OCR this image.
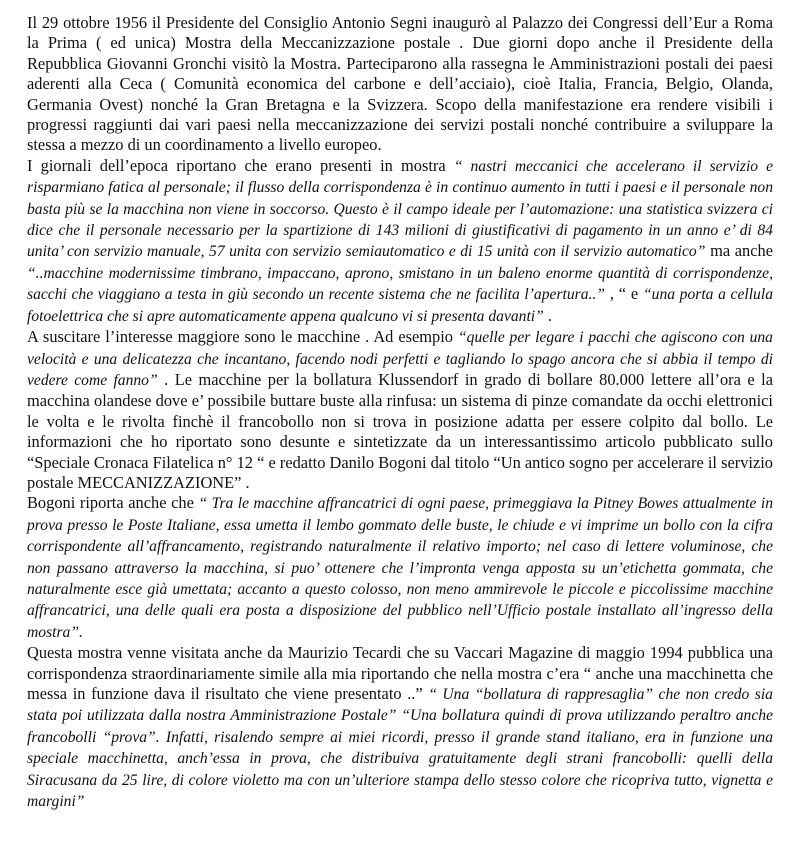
Il 29 ottobre 1956 il Presidente del Consiglio Antonio Segni inaugurò al Palazzo dei Congressi dell’Eur a Roma la Prima ( ed unica) Mostra della Meccanizzazione postale . Due giorni dopo anche il Presidente della Repubblica Giovanni Gronchi visitò la Mostra. Parteciparono alla rassegna le Amministrazioni postali dei paesi aderenti alla Ceca ( Comunità economica del carbone e dell’acciaio), cioè Italia, Francia, Belgio, Olanda, Germania Ovest) nonché la Gran Bretagna e la Svizzera. Scopo della manifestazione era rendere visibili i progressi raggiunti dai vari paesi nella meccanizzazione dei servizi postali nonché contribuire a sviluppare la stessa a mezzo di un coordinamento a livello europeo.

I giornali dell’epoca riportano che erano presenti in mostra “ nastri meccanici che accelerano il servizio e risparmiano fatica al personale; il flusso della corrispondenza è in continuo aumento in tutti i paesi e il personale non basta più se la macchina non viene in soccorso. Questo è il campo ideale per l’automazione: una statistica svizzera ci dice che il personale necessario per la spartizione di 143 milioni di giustificativi di pagamento in un anno e’ di 84 unita’ con servizio manuale, 57 unita con servizio semiautomatico e di 15 unità con il servizio automatico” ma anche “..macchine modernissime timbrano, impaccano, aprono, smistano in un baleno enorme quantità di corrispondenze, sacchi che viaggiano a testa in giù secondo un recente sistema che ne facilita l’apertura..” , “ e “una porta a cellula fotoelettrica che si apre automaticamente appena qualcuno vi si presenta davanti” .

A suscitare l’interesse maggiore sono le macchine . Ad esempio “quelle per legare i pacchi che agiscono con una velocità e una delicatezza che incantano, facendo nodi perfetti e tagliando lo spago ancora che si abbia il tempo di vedere come fanno” . Le macchine per la bollatura Klussendorf in grado di bollare 80.000 lettere all’ora e la macchina olandese dove e’ possibile buttare buste alla rinfusa: un sistema di pinze comandate da occhi elettronici le volta e le rivolta finchè il francobollo non si trova in posizione adatta per essere colpito dal bollo. Le informazioni che ho riportato sono desunte e sintetizzate da un interessantissimo articolo pubblicato sullo “Speciale Cronaca Filatelica n° 12 “ e redatto Danilo Bogoni dal titolo “Un antico sogno per accelerare il servizio postale MECCANIZZAZIONE” .

Bogoni riporta anche che “ Tra le macchine affrancatrici di ogni paese, primeggiava la Pitney Bowes attualmente in prova presso le Poste Italiane, essa umetta il lembo gommato delle buste, le chiude e vi imprime un bollo con la cifra corrispondente all’affrancamento, registrando naturalmente il relativo importo; nel caso di lettere voluminose, che non passano attraverso la macchina, si puo’ ottenere che l’impronta venga apposta su un’etichetta gommata, che naturalmente esce già umettata; accanto a questo colosso, non meno ammirevole le piccole e piccolissime macchine affrancatrici, una delle quali era posta a disposizione del pubblico nell’Ufficio postale installato all’ingresso della mostra”.

Questa mostra venne visitata anche da Maurizio Tecardi che su Vaccari Magazine di maggio 1994 pubblica una corrispondenza straordinariamente simile alla mia riportando che nella mostra c’era “ anche una macchinetta che messa in funzione dava il risultato che viene presentato ..” “ Una “bollatura di rappresaglia” che non credo sia stata poi utilizzata dalla nostra Amministrazione Postale” “Una bollatura quindi di prova utilizzando peraltro anche francobolli “prova”. Infatti, risalendo sempre ai miei ricordi, presso il grande stand italiano, era in funzione una speciale macchinetta, anch’essa in prova, che distribuiva gratuitamente degli strani francobolli: quelli della Siracusana da 25 lire, di colore violetto ma con un’ulteriore stampa dello stesso colore che ricopriva tutto, vignetta e margini”
